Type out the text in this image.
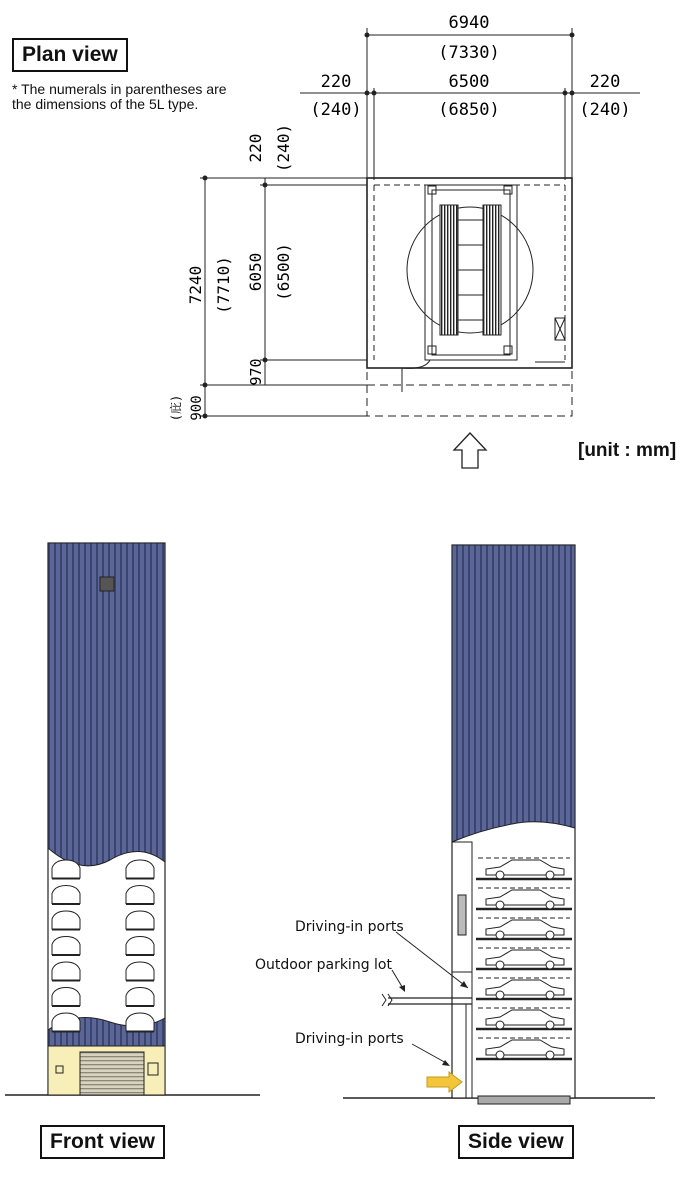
Plan view
* The numerals in parentheses are
the dimensions of the 5L type.
[unit : mm]
Front view	Side view
6940
(7330)
220
(240)
6500
(6850)
220
(240)
220 (240)
7240 (7710) 6050 (6500)
970
900
(庇)
Driving-in ports
Outdoor parking lot
Driving-in ports
